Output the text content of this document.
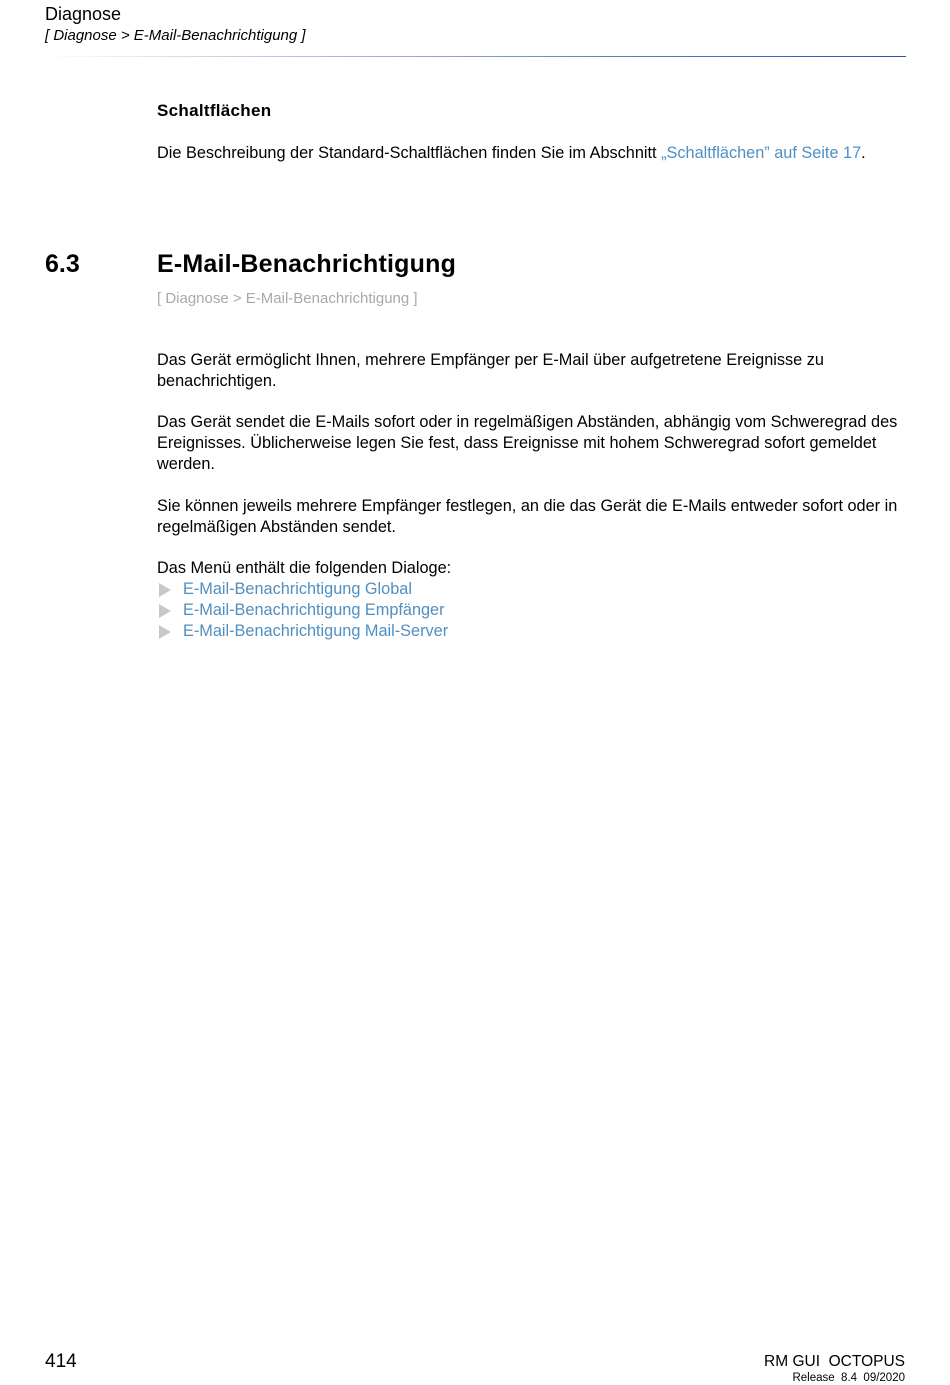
Diagnose
[ Diagnose > E-Mail-Benachrichtigung ]
Schaltflächen

Die Beschreibung der Standard-Schaltflächen finden Sie im Abschnitt „Schaltflächen” auf Seite 17.

6.3	E-Mail-Benachrichtigung
[ Diagnose > E-Mail-Benachrichtigung ]

Das Gerät ermöglicht Ihnen, mehrere Empfänger per E-Mail über aufgetretene Ereignisse zu benachrichtigen.

Das Gerät sendet die E-Mails sofort oder in regelmäßigen Abständen, abhängig vom Schweregrad des Ereignisses. Üblicherweise legen Sie fest, dass Ereignisse mit hohem Schweregrad sofort gemeldet werden.

Sie können jeweils mehrere Empfänger festlegen, an die das Gerät die E-Mails entweder sofort oder in regelmäßigen Abständen sendet.

Das Menü enthält die folgenden Dialoge:

E-Mail-Benachrichtigung Global
E-Mail-Benachrichtigung Empfänger
E-Mail-Benachrichtigung Mail-Server
414	RM GUI  OCTOPUS
Release  8.4  09/2020
